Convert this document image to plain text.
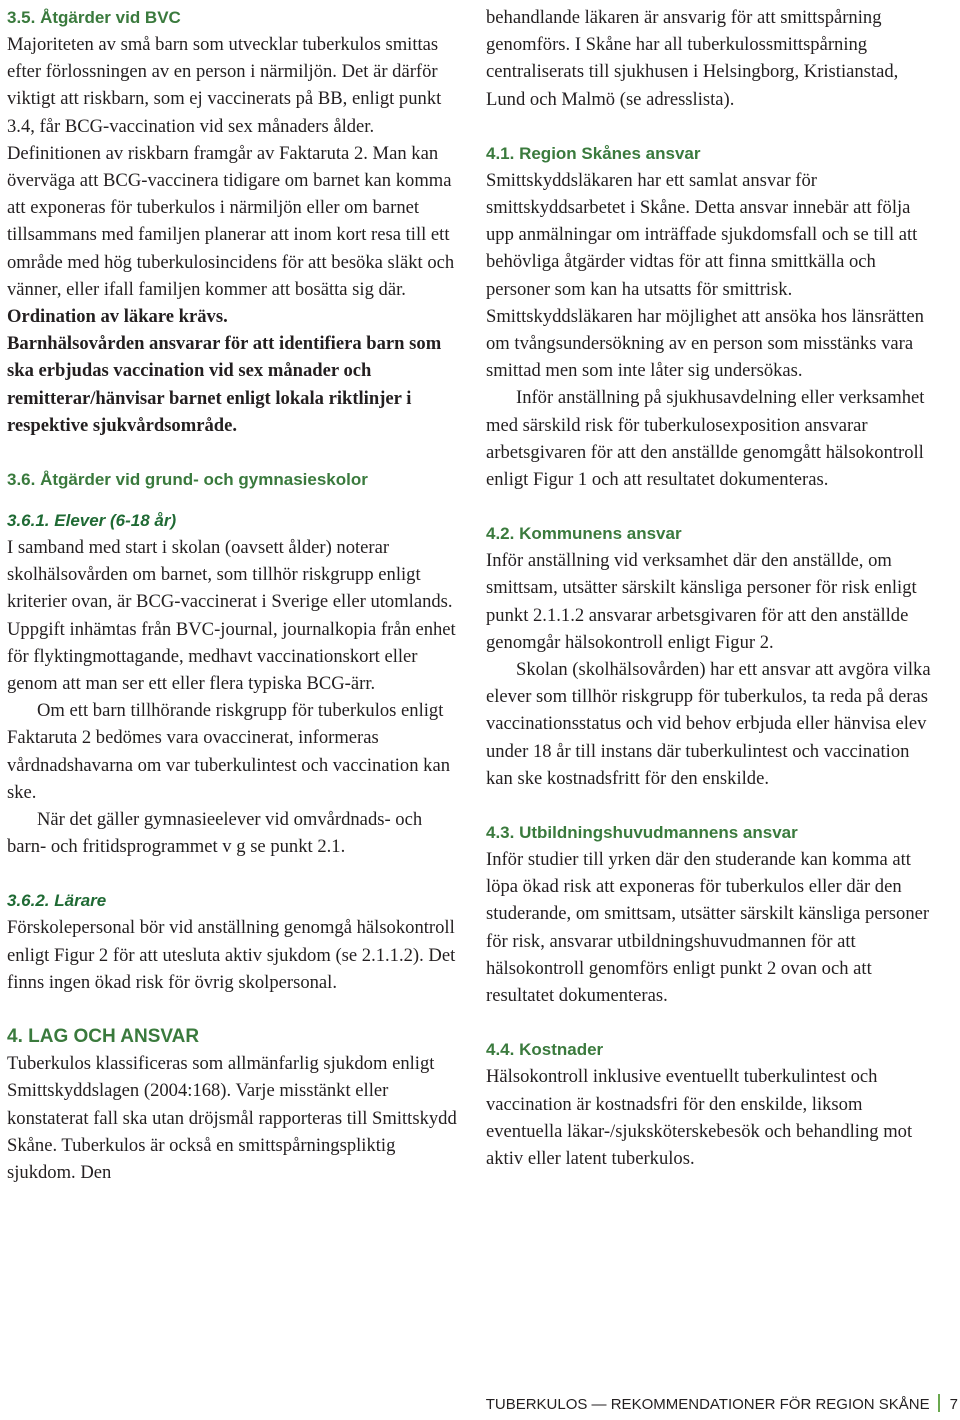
3.5. Åtgärder vid BVC

Majoriteten av små barn som utvecklar tuberkulos smittas efter förlossningen av en person i närmiljön. Det är därför viktigt att riskbarn, som ej vaccinerats på BB, enligt punkt 3.4, får BCG-vaccination vid sex månaders ålder. Definitionen av riskbarn framgår av Faktaruta 2. Man kan överväga att BCG-vaccinera tidigare om barnet kan komma att exponeras för tuberkulos i närmiljön eller om barnet tillsammans med familjen planerar att inom kort resa till ett område med hög tuberkulosincidens för att besöka släkt och vänner, eller ifall familjen kommer att bosätta sig där.

Ordination av läkare krävs.

Barnhälsovården ansvarar för att identifiera barn som ska erbjudas vaccination vid sex månader och remitterar/hänvisar barnet enligt lokala riktlinjer i respektive sjukvårdsområde.

3.6. Åtgärder vid grund- och gymnasieskolor
3.6.1. Elever (6-18 år)

I samband med start i skolan (oavsett ålder) noterar skolhälsovården om barnet, som tillhör riskgrupp enligt kriterier ovan, är BCG-vaccinerat i Sverige eller utomlands. Uppgift inhämtas från BVC-journal, journalkopia från enhet för flyktingmottagande, medhavt vaccinationskort eller genom att man ser ett eller flera typiska BCG-ärr.

Om ett barn tillhörande riskgrupp för tuberkulos enligt Faktaruta 2 bedömes vara ovaccinerat, informeras vårdnadshavarna om var tuberkulintest och vaccination kan ske.

När det gäller gymnasieelever vid omvårdnads- och barn- och fritidsprogrammet v g se punkt 2.1.

3.6.2. Lärare

Förskolepersonal bör vid anställning genomgå hälsokontroll enligt Figur 2 för att utesluta aktiv sjukdom (se 2.1.1.2). Det finns ingen ökad risk för övrig skolpersonal.

4. LAG OCH ANSVAR

Tuberkulos klassificeras som allmänfarlig sjukdom enligt Smittskyddslagen (2004:168). Varje misstänkt eller konstaterat fall ska utan dröjsmål rapporteras till Smittskydd Skåne. Tuberkulos är också en smittspårningspliktig sjukdom. Den

behandlande läkaren är ansvarig för att smittspårning genomförs. I Skåne har all tuberkulossmittspårning centraliserats till sjukhusen i Helsingborg, Kristianstad, Lund och Malmö (se adresslista).

4.1. Region Skånes ansvar

Smittskyddsläkaren har ett samlat ansvar för smittskyddsarbetet i Skåne. Detta ansvar innebär att följa upp anmälningar om inträffade sjukdomsfall och se till att behövliga åtgärder vidtas för att finna smittkälla och personer som kan ha utsatts för smittrisk. Smittskyddsläkaren har möjlighet att ansöka hos länsrätten om tvångsundersökning av en person som misstänks vara smittad men som inte låter sig undersökas.

Inför anställning på sjukhusavdelning eller verksamhet med särskild risk för tuberkulosexposition ansvarar arbetsgivaren för att den anställde genomgått hälsokontroll enligt Figur 1 och att resultatet dokumenteras.

4.2. Kommunens ansvar

Inför anställning vid verksamhet där den anställde, om smittsam, utsätter särskilt känsliga personer för risk enligt punkt 2.1.1.2 ansvarar arbetsgivaren för att den anställde genomgår hälsokontroll enligt Figur 2.

Skolan (skolhälsovården) har ett ansvar att avgöra vilka elever som tillhör riskgrupp för tuberkulos, ta reda på deras vaccinationsstatus och vid behov erbjuda eller hänvisa elev under 18 år till instans där tuberkulintest och vaccination kan ske kostnadsfritt för den enskilde.

4.3. Utbildningshuvudmannens ansvar

Inför studier till yrken där den studerande kan komma att löpa ökad risk att exponeras för tuberkulos eller där den studerande, om smittsam, utsätter särskilt känsliga personer för risk, ansvarar utbildningshuvudmannen för att hälsokontroll genomförs enligt punkt 2 ovan och att resultatet dokumenteras.

4.4. Kostnader

Hälsokontroll inklusive eventuellt tuberkulintest och vaccination är kostnadsfri för den enskilde, liksom eventuella läkar-/sjuksköterskebesök och behandling mot aktiv eller latent tuberkulos.

TUBERKULOS — REKOMMENDATIONER FÖR REGION SKÅNE 7
